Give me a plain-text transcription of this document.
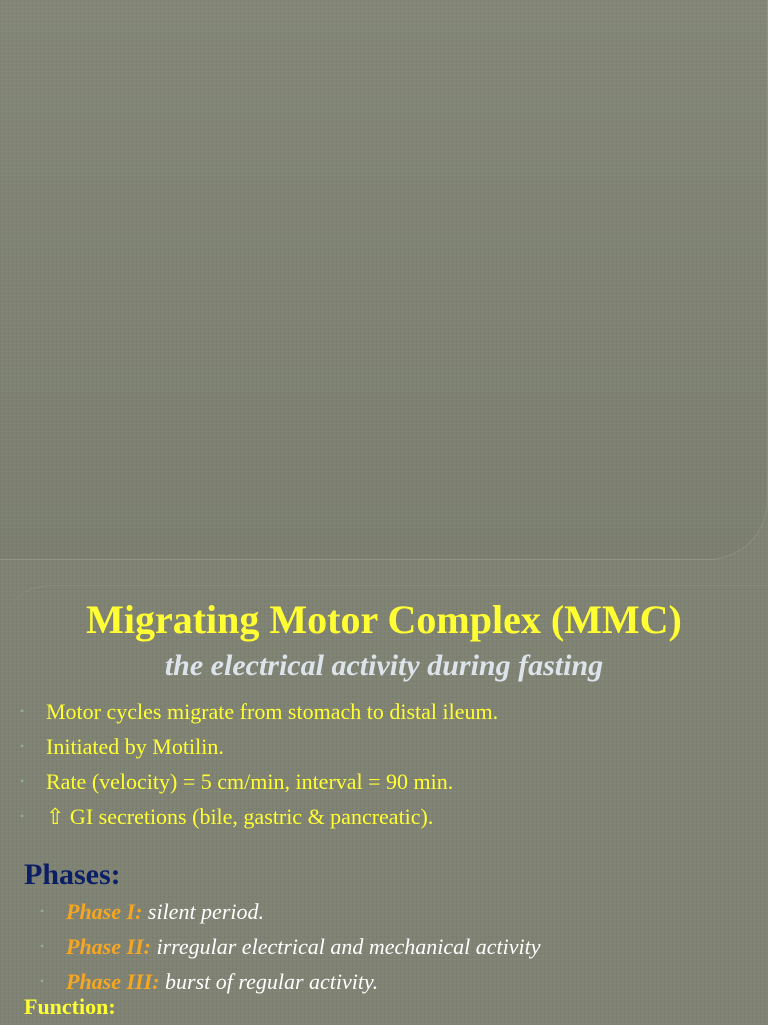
Migrating Motor Complex (MMC)
the electrical activity during fasting
• Motor cycles migrate from stomach to distal ileum.
• Initiated by Motilin.
• Rate (velocity) = 5 cm/min, interval = 90 min.
• ⇧ GI secretions (bile, gastric & pancreatic).
Phases:
• Phase I : silent period.
• Phase II : irregular electrical and mechanical activity
• Phase III : burst of regular activity.
Function:
